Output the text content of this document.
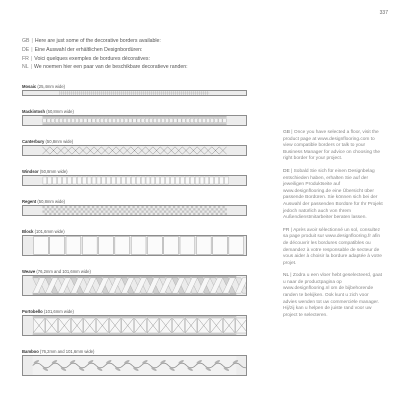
337
GB | Here are just some of the decorative borders available:
DE | Eine Auswahl der erhältlichen Designbordüren:
FR | Voici quelques exemples de bordures décoratives:
NL | We noemen hier een paar van de beschikbare decoratieve randen:
Mosaic (25,4mm wide)
Mackintosh (50,8mm wide)
Canterbury (50,8mm wide)
Windsor (50,8mm wide)
Regent (50,8mm wide)
Block (101,6mm wide)
Weave (76,2mm and 101,6mm wide)
Portobello (101,6mm wide)
Bamboo (76,2mm and 101,6mm wide)

GB | Once you have selected a floor, visit the product page at www.designflooring.com to view compatible borders or talk to your Business Manager for advice on choosing the right border for your project.

DE | Sobald Sie sich für einen Designbelag entschieden haben, erhalten Sie auf der jeweiligen Produktseite auf www.designflooring.de eine Übersicht über passende Bordüren. Sie können sich bei der Auswahl der passenden Bordüre für Ihr Projekt jedoch natürlich auch von Ihrem Außendienstmitarbeiter beraten lassen.

FR | Après avoir sélectionné un sol, consultez sa page produit sur www.designflooring.fr afin de découvrir les bordures compatibles ou demandez à votre responsable de secteur de vous aider à choisir la bordure adaptée à votre projet.

NL | Zodra u een vloer hebt geselecteerd, gaat u naar de productpagina op www.designflooring.nl om de bijbehorende randen te bekijken. Ook kunt u zich voor advies wenden tot uw commerciële manager. Hij/zij kan u helpen de juiste rand voor uw project te selecteren.
